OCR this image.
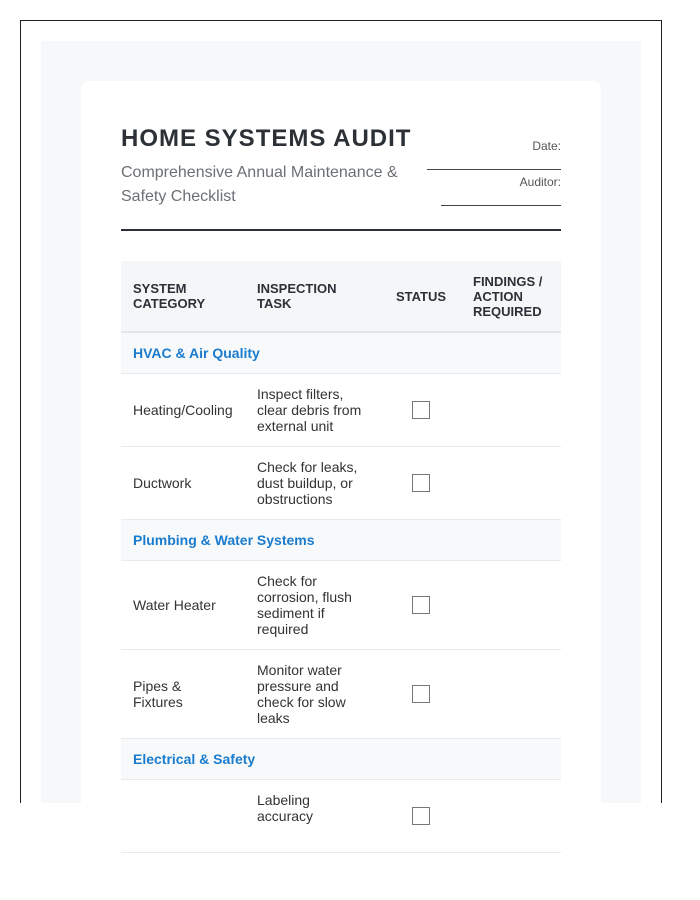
HOME SYSTEMS AUDIT
Comprehensive Annual Maintenance & Safety Checklist
Date:
Auditor:
SYSTEM CATEGORY	INSPECTION TASK	STATUS	FINDINGS / ACTION REQUIRED
HVAC & Air Quality			
Heating/Cooling	Inspect filters, clear debris from external unit		
Ductwork	Check for leaks, dust buildup, or obstructions		
Plumbing & Water Systems			
Water Heater	Check for corrosion, flush sediment if required		
Pipes & Fixtures	Monitor water pressure and check for slow leaks		
Electrical & Safety			
	Labeling accuracy		
